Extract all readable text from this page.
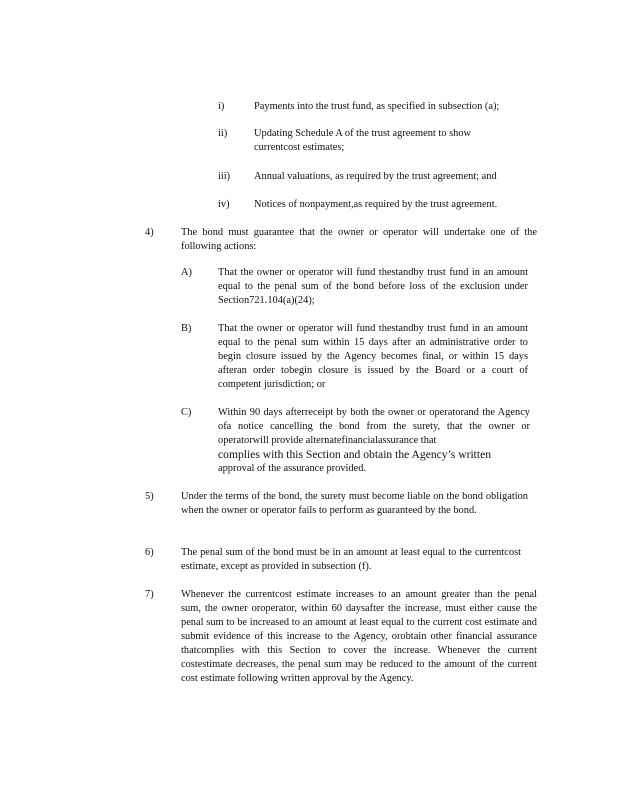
i)	Payments into the trust fund, as specified in subsection (a);
ii)	Updating Schedule A of the trust agreement to show currentcost estimates;
iii) Annual valuations, as required by the trust agreement; and
iv) Notices of nonpayment,as required by the trust agreement.
4)	The bond must guarantee that the owner or operator will undertake one of the following actions:
A)	That the owner or operator will fund thestandby trust fund in an amount equal to the penal sum of the bond before loss of the exclusion under Section721.104(a)(24);
B)	That the owner or operator will fund thestandby trust fund in an amount equal to the penal sum within 15 days after an administrative order to begin closure issued by the Agency becomes final, or within 15 days afteran order tobegin closure is issued by the Board or a court of competent jurisdiction; or
C)	Within 90 days afterreceipt by both the owner or operatorand the Agency ofa notice cancelling the bond from the surety, that the owner or operatorwill provide alternatefinancialassurance that
complies with this Section and obtain the Agency’s written
approval of the assurance provided.
5)	Under the terms of the bond, the surety must become liable on the bond obligation when the owner or operator fails to perform as guaranteed by the bond.
6)	The penal sum of the bond must be in an amount at least equal to the currentcost estimate, except as provided in subsection (f).
7)	Whenever the currentcost estimate increases to an amount greater than the penal sum, the owner oroperator, within 60 daysafter the increase, must either cause the penal sum to be increased to an amount at least equal to the current cost estimate and submit evidence of this increase to the Agency, orobtain other financial assurance thatcomplies with this Section to cover the increase. Whenever the current costestimate decreases, the penal sum may be reduced to the amount of the current cost estimate following written approval by the Agency.
